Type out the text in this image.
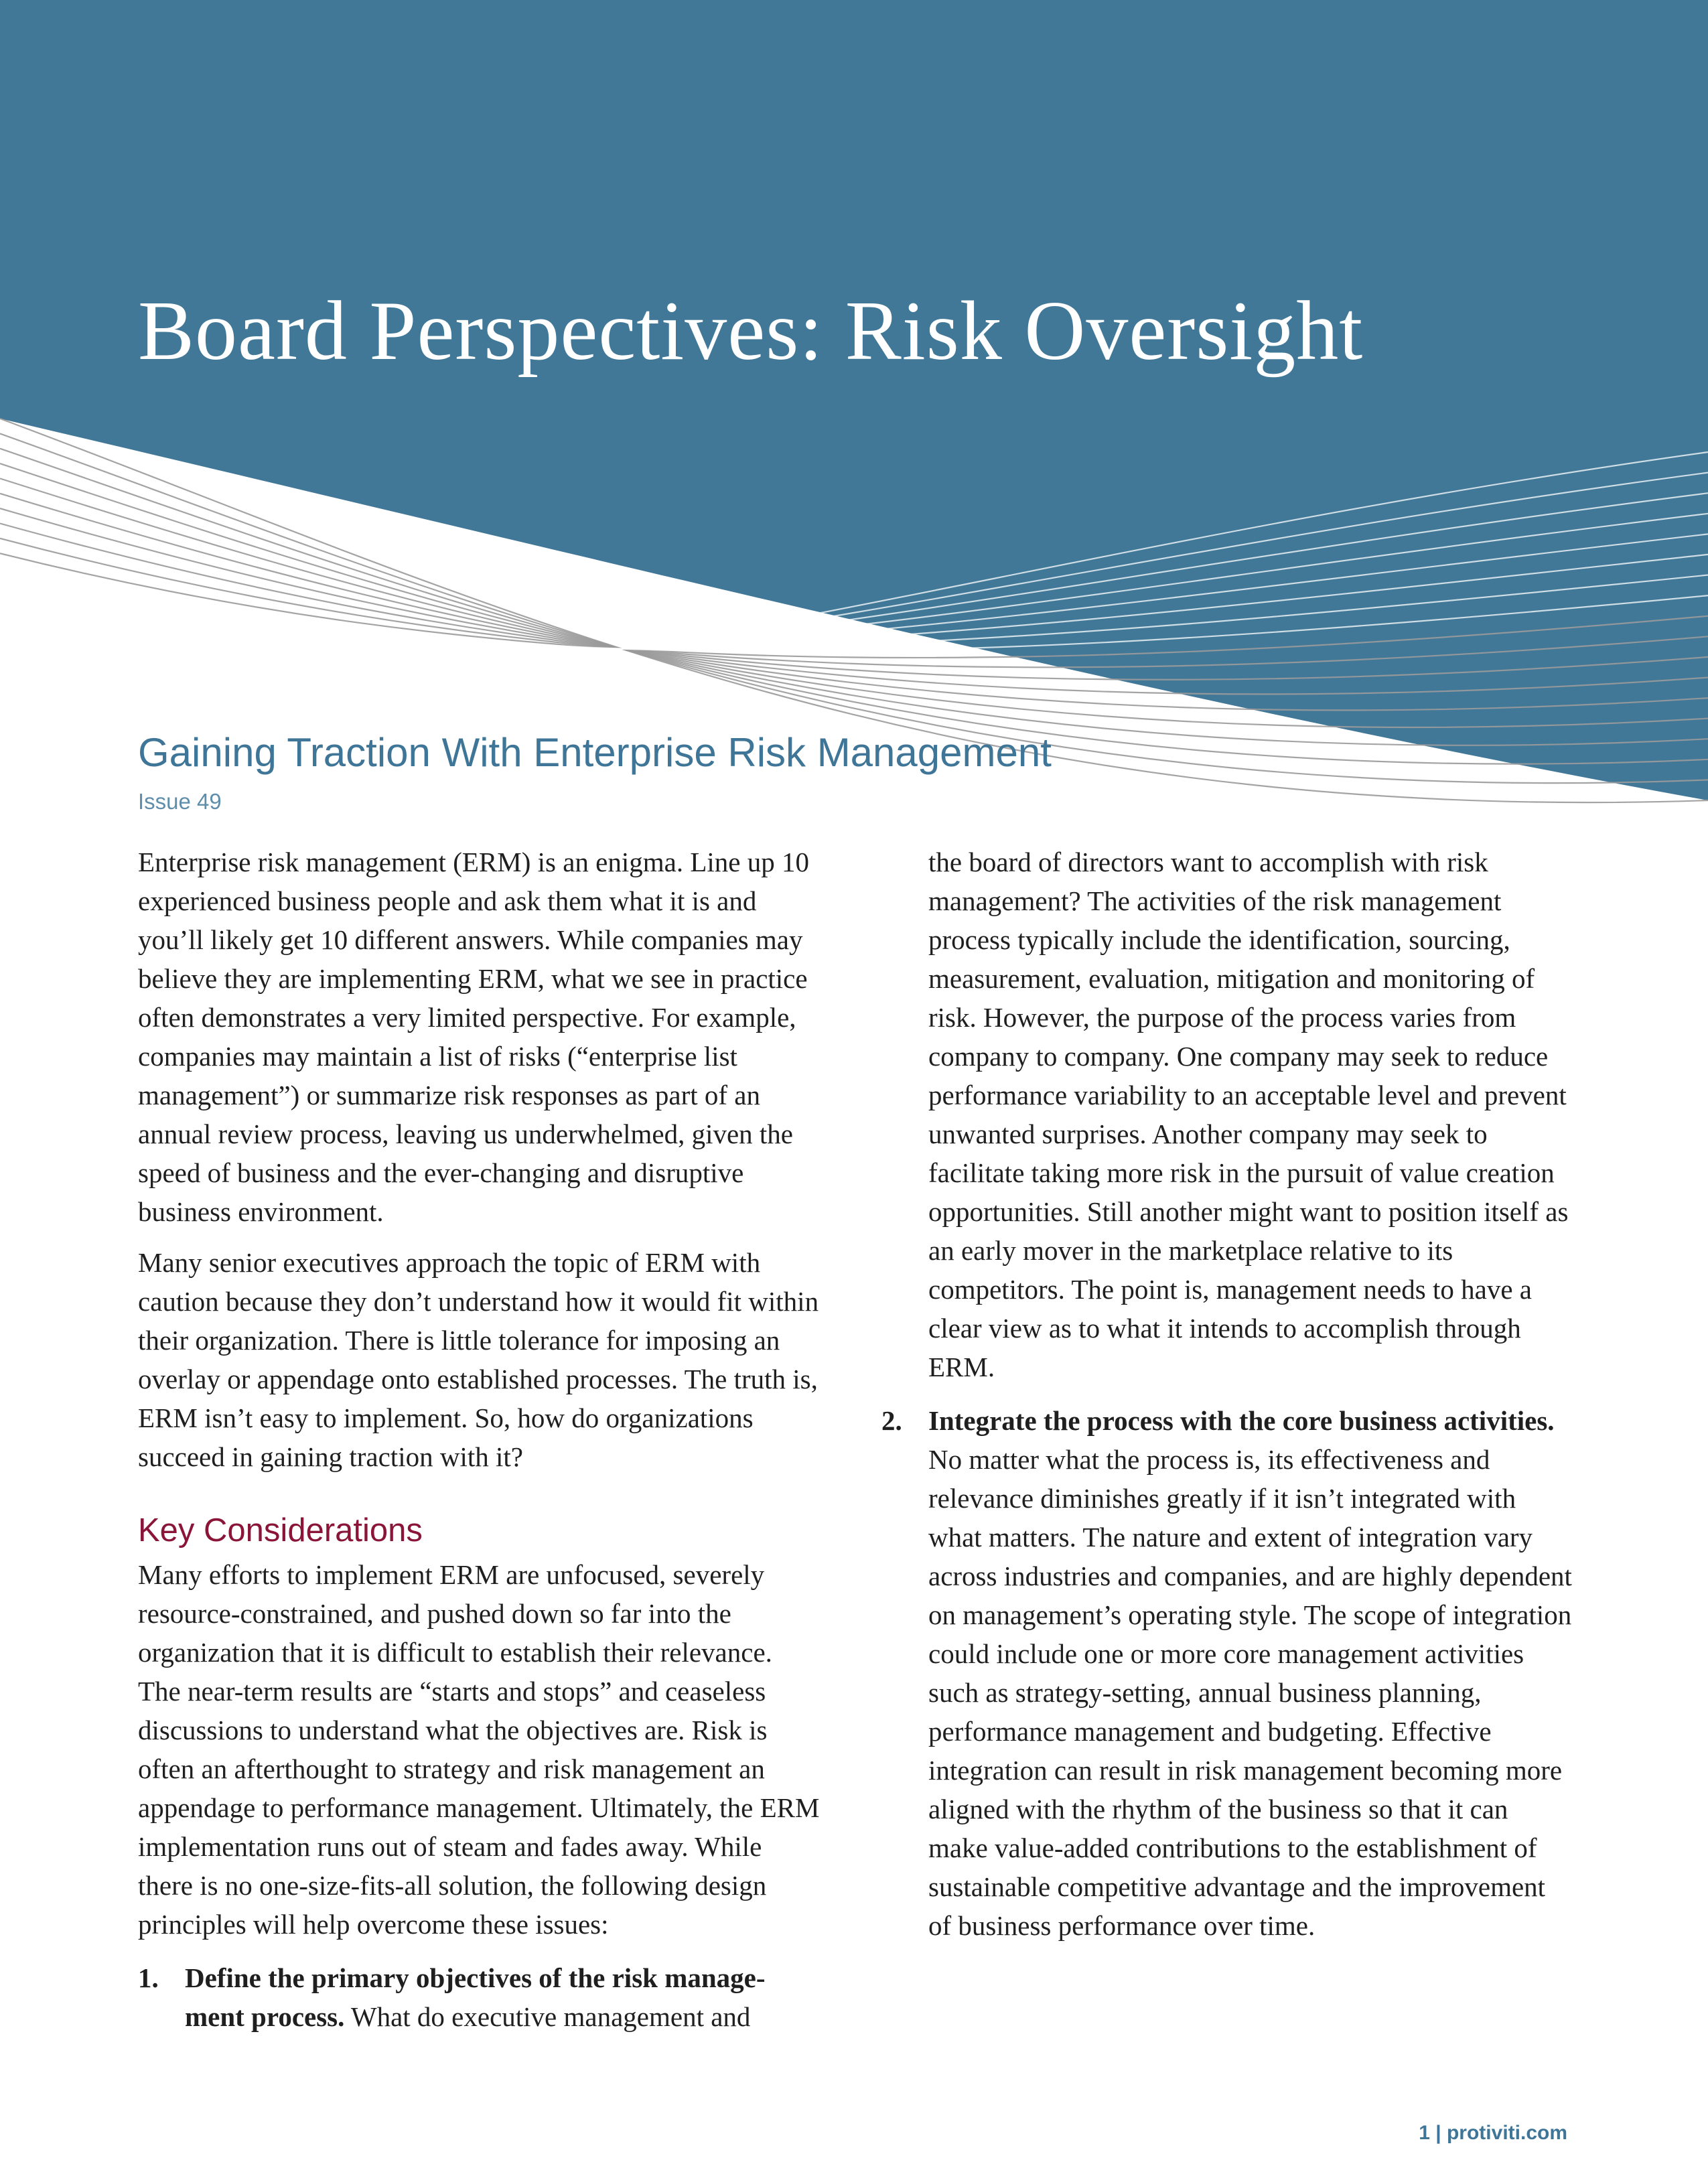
Board Perspectives: Risk Oversight
Gaining Traction With Enterprise Risk Management
Issue 49

Enterprise risk management (ERM) is an enigma. Line up 10 experienced business people and ask them what it is and you’ll likely get 10 different answers. While companies may believe they are implementing ERM, what we see in practice often demonstrates a very limited perspective. For example, companies may maintain a list of risks (“enterprise list management”) or summarize risk responses as part of an annual review process, leaving us underwhelmed, given the speed of business and the ever-changing and disruptive business environment.

Many senior executives approach the topic of ERM with caution because they don’t understand how it would fit within their organization. There is little tolerance for imposing an overlay or appendage onto established processes. The truth is, ERM isn’t easy to implement. So, how do organizations succeed in gaining traction with it?

Key Considerations

Many efforts to implement ERM are unfocused, severely resource-constrained, and pushed down so far into the organization that it is difficult to establish their relevance. The near-term results are “starts and stops” and ceaseless discussions to understand what the objectives are. Risk is often an afterthought to strategy and risk management an appendage to performance management. Ultimately, the ERM implementation runs out of steam and fades away. While there is no one-size-fits-all solution, the following design principles will help overcome these issues:

1. Define the primary objectives of the risk manage-ment process. What do executive management and
the board of directors want to accomplish with risk management? The activities of the risk management process typically include the identification, sourcing, measurement, evaluation, mitigation and monitoring of risk. However, the purpose of the process varies from company to company. One company may seek to reduce performance variability to an acceptable level and prevent unwanted surprises. Another company may seek to facilitate taking more risk in the pursuit of value creation opportunities. Still another might want to position itself as an early mover in the marketplace relative to its competitors. The point is, management needs to have a clear view as to what it intends to accomplish through ERM.
2. Integrate the process with the core business activities. No matter what the process is, its effectiveness and relevance diminishes greatly if it isn’t integrated with what matters. The nature and extent of integration vary across industries and companies, and are highly dependent on management’s operating style. The scope of integration could include one or more core management activities such as strategy-setting, annual business planning, performance management and budgeting. Effective integration can result in risk management becoming more aligned with the rhythm of the business so that it can make value-added contributions to the establishment of sustainable competitive advantage and the improvement of business performance over time.
1 | protiviti.com
